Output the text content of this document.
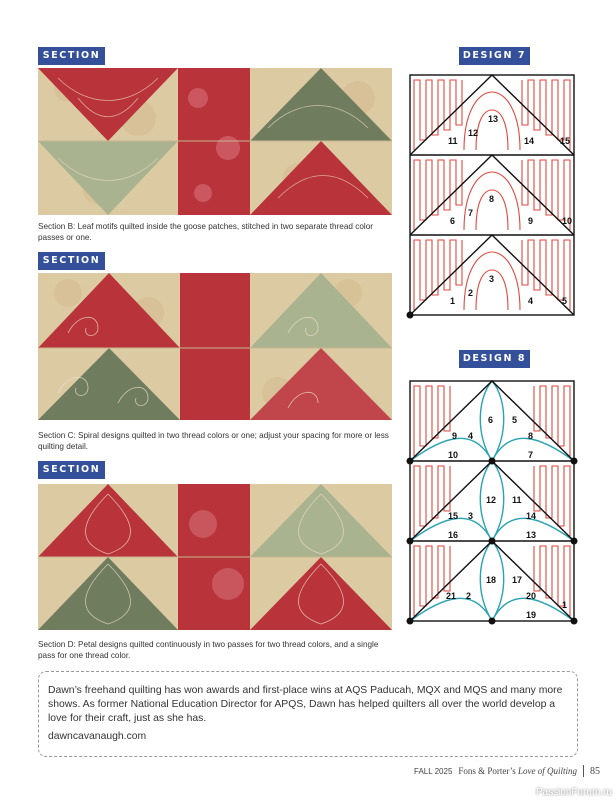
SECTION
Section B: Leaf motifs quilted inside the goose patches, stitched in two separate thread color passes or one.
SECTION
Section C: Spiral designs quilted in two thread colors or one; adjust your spacing for more or less quilting detail.
SECTION
Section D: Petal designs quilted continuously in two passes for two thread colors, and a single pass for one thread color.
DESIGN 7
13
12
11	14	15
8
7
6	9	10
3
2
1	4	5
DESIGN 8
6 5
9 4	8
10	7
12 11
15 3	14
16	13
18 17
21 2	20
1
19
Dawn’s freehand quilting has won awards and ﬁrst-place wins at AQS Paducah, MQX and MQS and many more shows. As former National Education Director for APQS, Dawn has helped quilters all over the world develop a love for their craft, just as she has.
dawncavanaugh.com
FALL 2025 Fons & Porter’s Love of Quilting 85
PassionForum.ru
